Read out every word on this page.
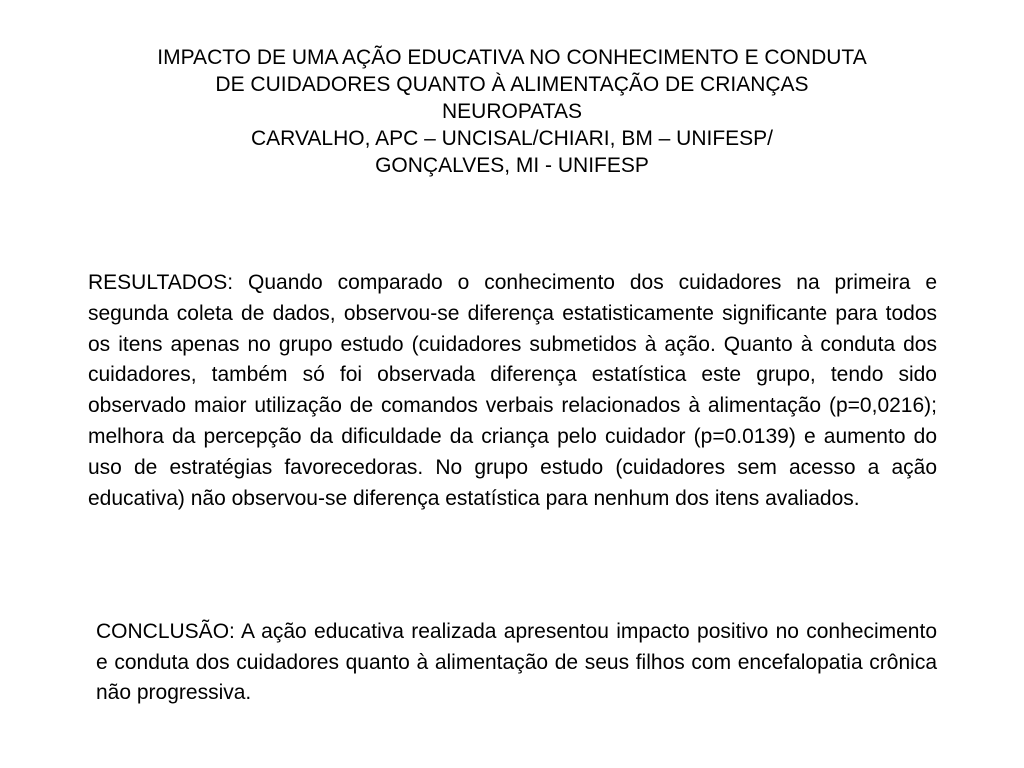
IMPACTO DE UMA AÇÃO EDUCATIVA NO CONHECIMENTO E CONDUTA
DE CUIDADORES QUANTO À ALIMENTAÇÃO DE CRIANÇAS
NEUROPATAS
CARVALHO, APC – UNCISAL/CHIARI, BM – UNIFESP/
GONÇALVES, MI - UNIFESP
RESULTADOS: Quando comparado o conhecimento dos cuidadores na primeira e segunda coleta de dados, observou-se diferença estatisticamente significante para todos os itens apenas no grupo estudo (cuidadores submetidos à ação. Quanto à conduta dos cuidadores, também só foi observada diferença estatística este grupo, tendo sido observado maior utilização de comandos verbais relacionados à alimentação (p=0,0216); melhora da percepção da dificuldade da criança pelo cuidador (p=0.0139) e aumento do uso de estratégias favorecedoras. No grupo estudo (cuidadores sem acesso a ação educativa) não observou-se diferença estatística para nenhum dos itens avaliados.
CONCLUSÃO: A ação educativa realizada apresentou impacto positivo no conhecimento e conduta dos cuidadores quanto à alimentação de seus filhos com encefalopatia crônica não progressiva.
